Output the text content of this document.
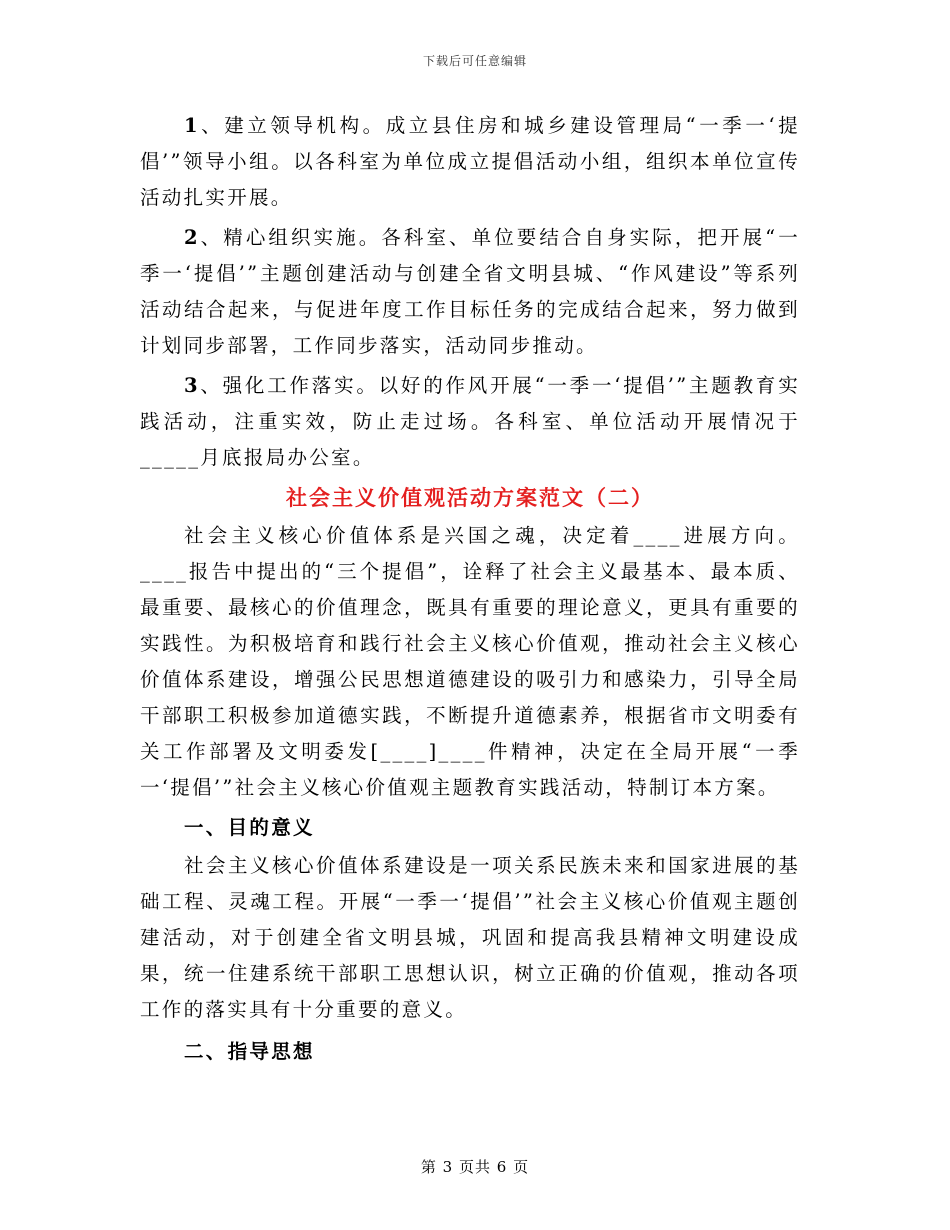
下载后可任意编辑

1、建立领导机构。成立县住房和城乡建设管理局“一季一‘提倡’”领导小组。以各科室为单位成立提倡活动小组，组织本单位宣传活动扎实开展。

2、精心组织实施。各科室、单位要结合自身实际，把开展“一季一‘提倡’”主题创建活动与创建全省文明县城、“作风建设”等系列活动结合起来，与促进年度工作目标任务的完成结合起来，努力做到计划同步部署，工作同步落实，活动同步推动。

3、强化工作落实。以好的作风开展“一季一‘提倡’”主题教育实践活动，注重实效，防止走过场。各科室、单位活动开展情况于_____月底报局办公室。

社会主义价值观活动方案范文（二）

社会主义核心价值体系是兴国之魂，决定着____进展方向。____报告中提出的“三个提倡”，诠释了社会主义最基本、最本质、最重要、最核心的价值理念，既具有重要的理论意义，更具有重要的实践性。为积极培育和践行社会主义核心价值观，推动社会主义核心价值体系建设，增强公民思想道德建设的吸引力和感染力，引导全局干部职工积极参加道德实践，不断提升道德素养，根据省市文明委有关工作部署及文明委发[____]____件精神，决定在全局开展“一季一‘提倡’”社会主义核心价值观主题教育实践活动，特制订本方案。

一、目的意义

社会主义核心价值体系建设是一项关系民族未来和国家进展的基础工程、灵魂工程。开展“一季一‘提倡’”社会主义核心价值观主题创建活动，对于创建全省文明县城，巩固和提高我县精神文明建设成果，统一住建系统干部职工思想认识，树立正确的价值观，推动各项工作的落实具有十分重要的意义。

二、指导思想
第 3 页共 6 页
